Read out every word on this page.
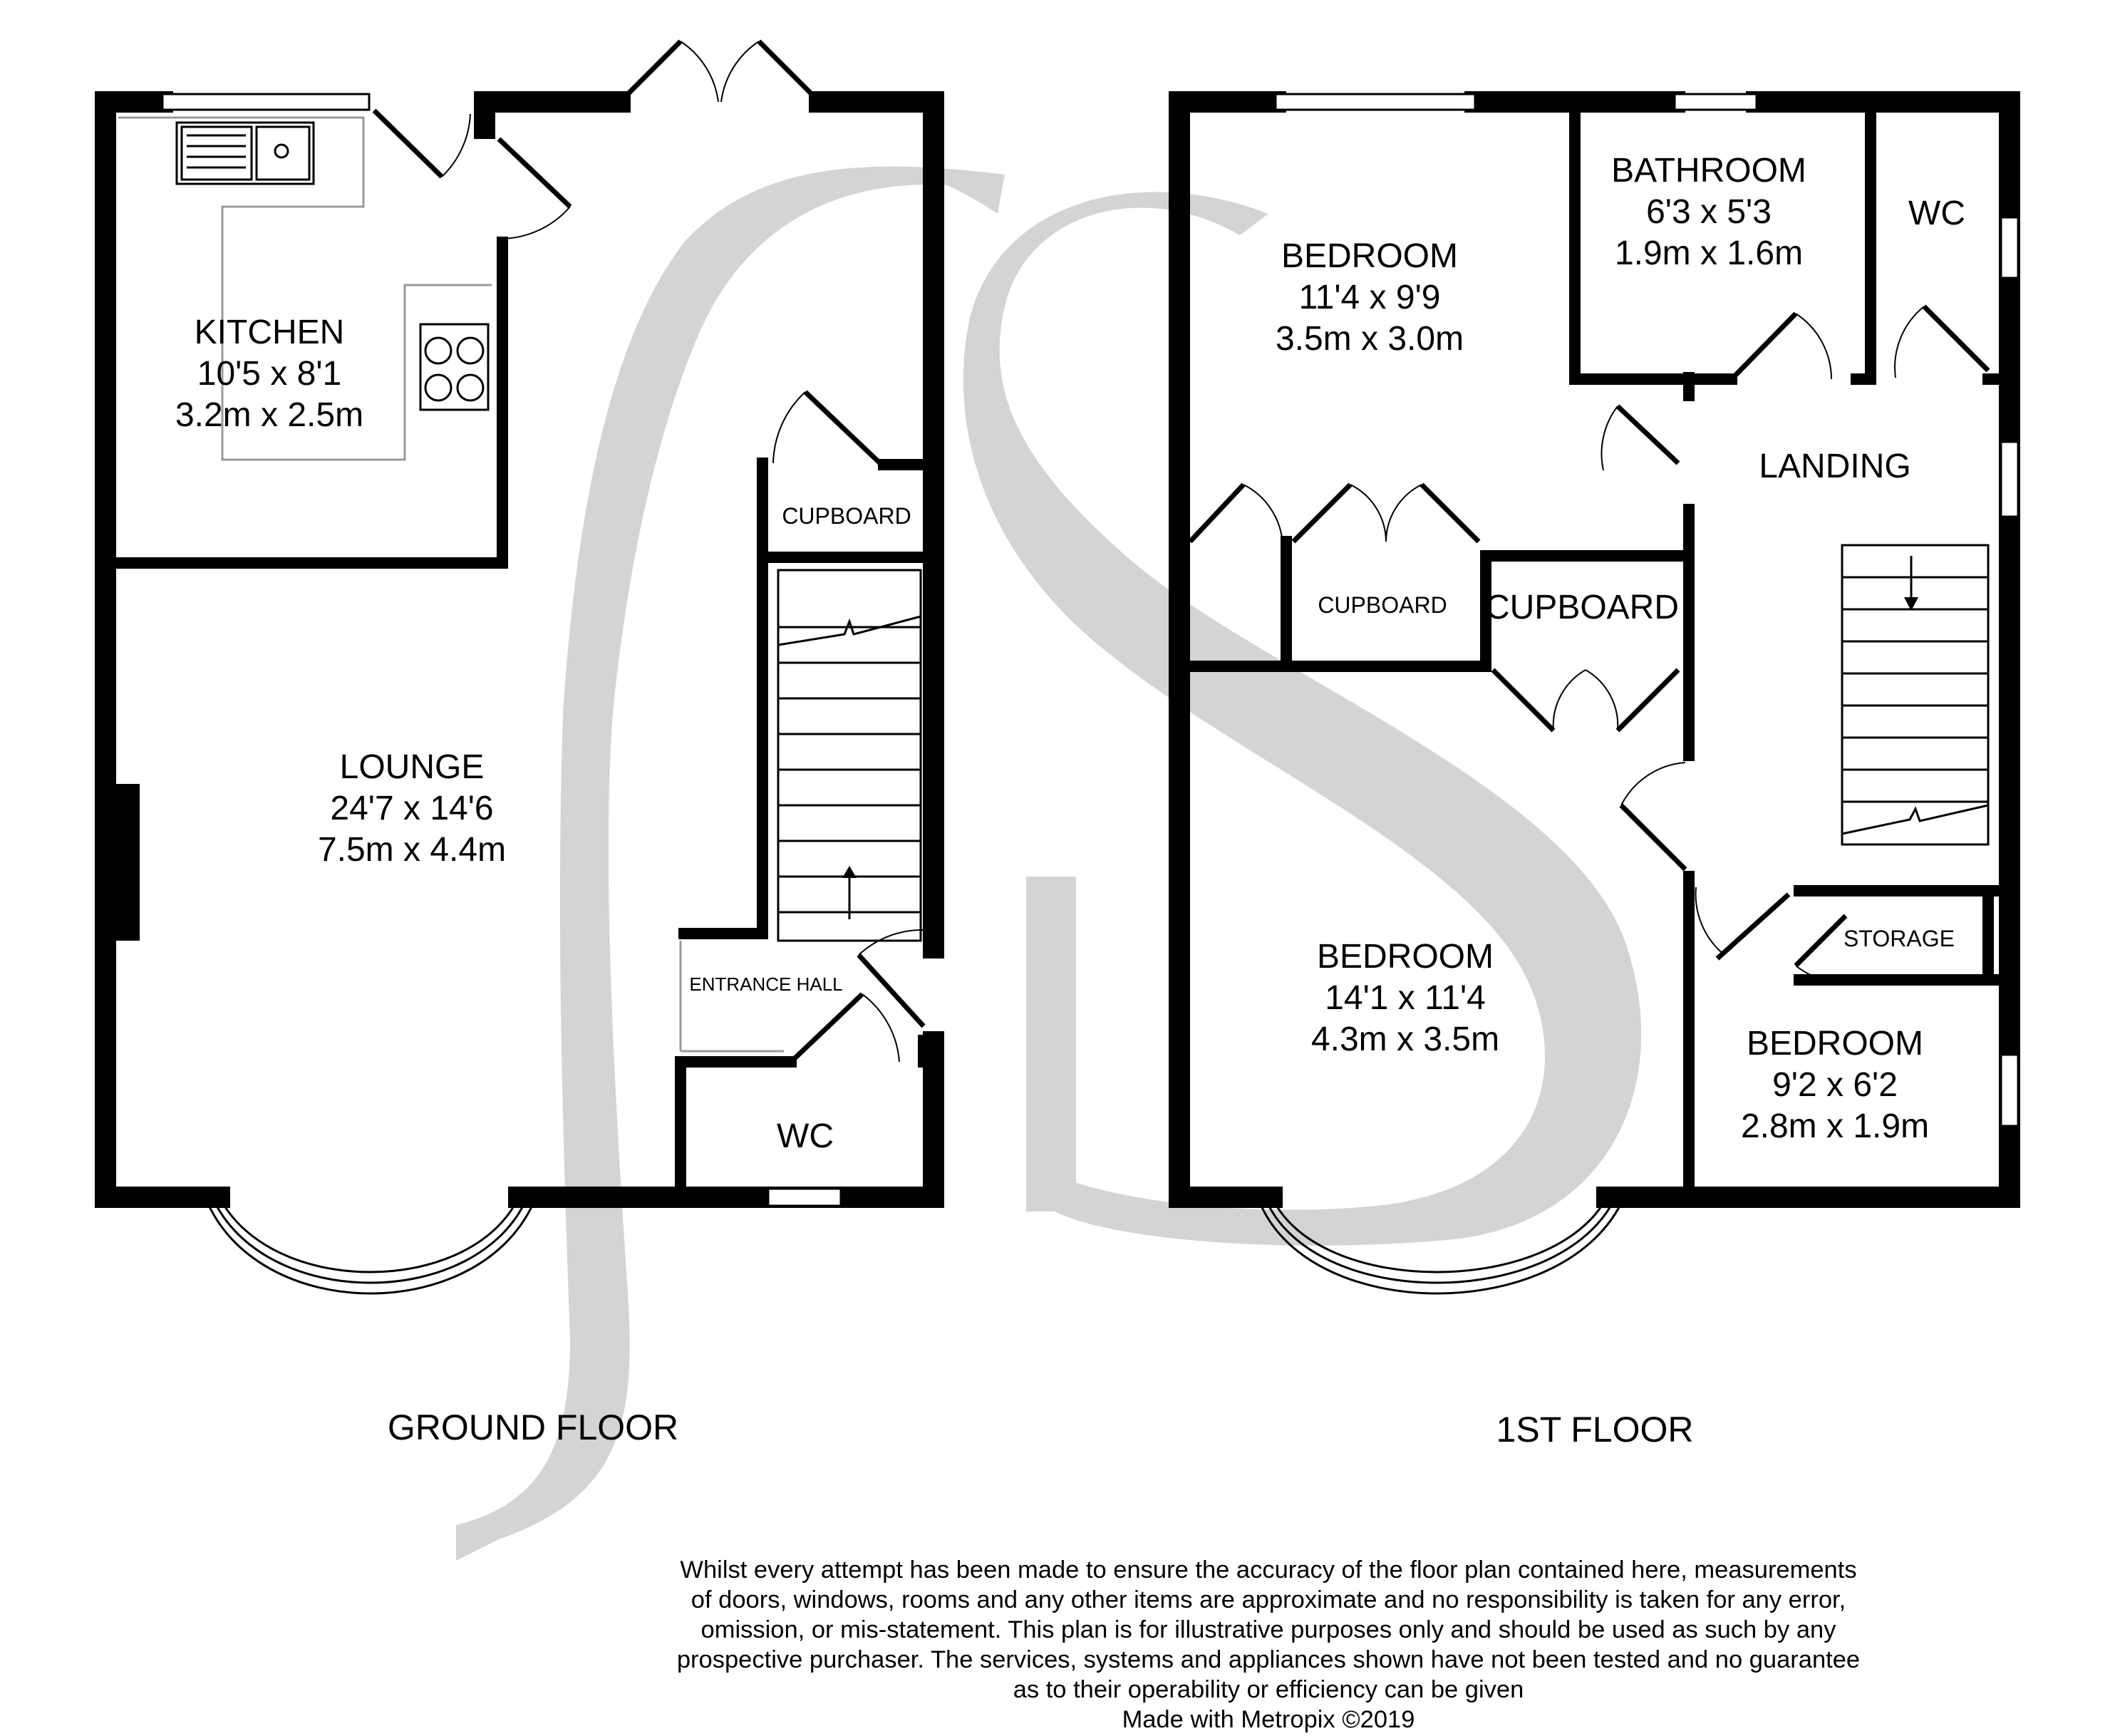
KITCHEN
10'5 x 8'1
3.2m x 2.5m
LOUNGE
24'7 x 14'6
7.5m x 4.4m
CUPBOARD
ENTRANCE HALL
WC
GROUND FLOOR
BEDROOM
11'4 x 9'9
3.5m x 3.0m
BATHROOM
6'3 x 5'3
1.9m x 1.6m
WC
LANDING
CUPBOARD CUPBOARD
BEDROOM
14'1 x 11'4
4.3m x 3.5m
STORAGE
BEDROOM
9'2 x 6'2
2.8m x 1.9m
1ST FLOOR
Whilst every attempt has been made to ensure the accuracy of the floor plan contained here, measurements
of doors, windows, rooms and any other items are approximate and no responsibility is taken for any error,
omission, or mis-statement. This plan is for illustrative purposes only and should be used as such by any
prospective purchaser. The services, systems and appliances shown have not been tested and no guarantee
as to their operability or efficiency can be given
Made with Metropix ©2019
